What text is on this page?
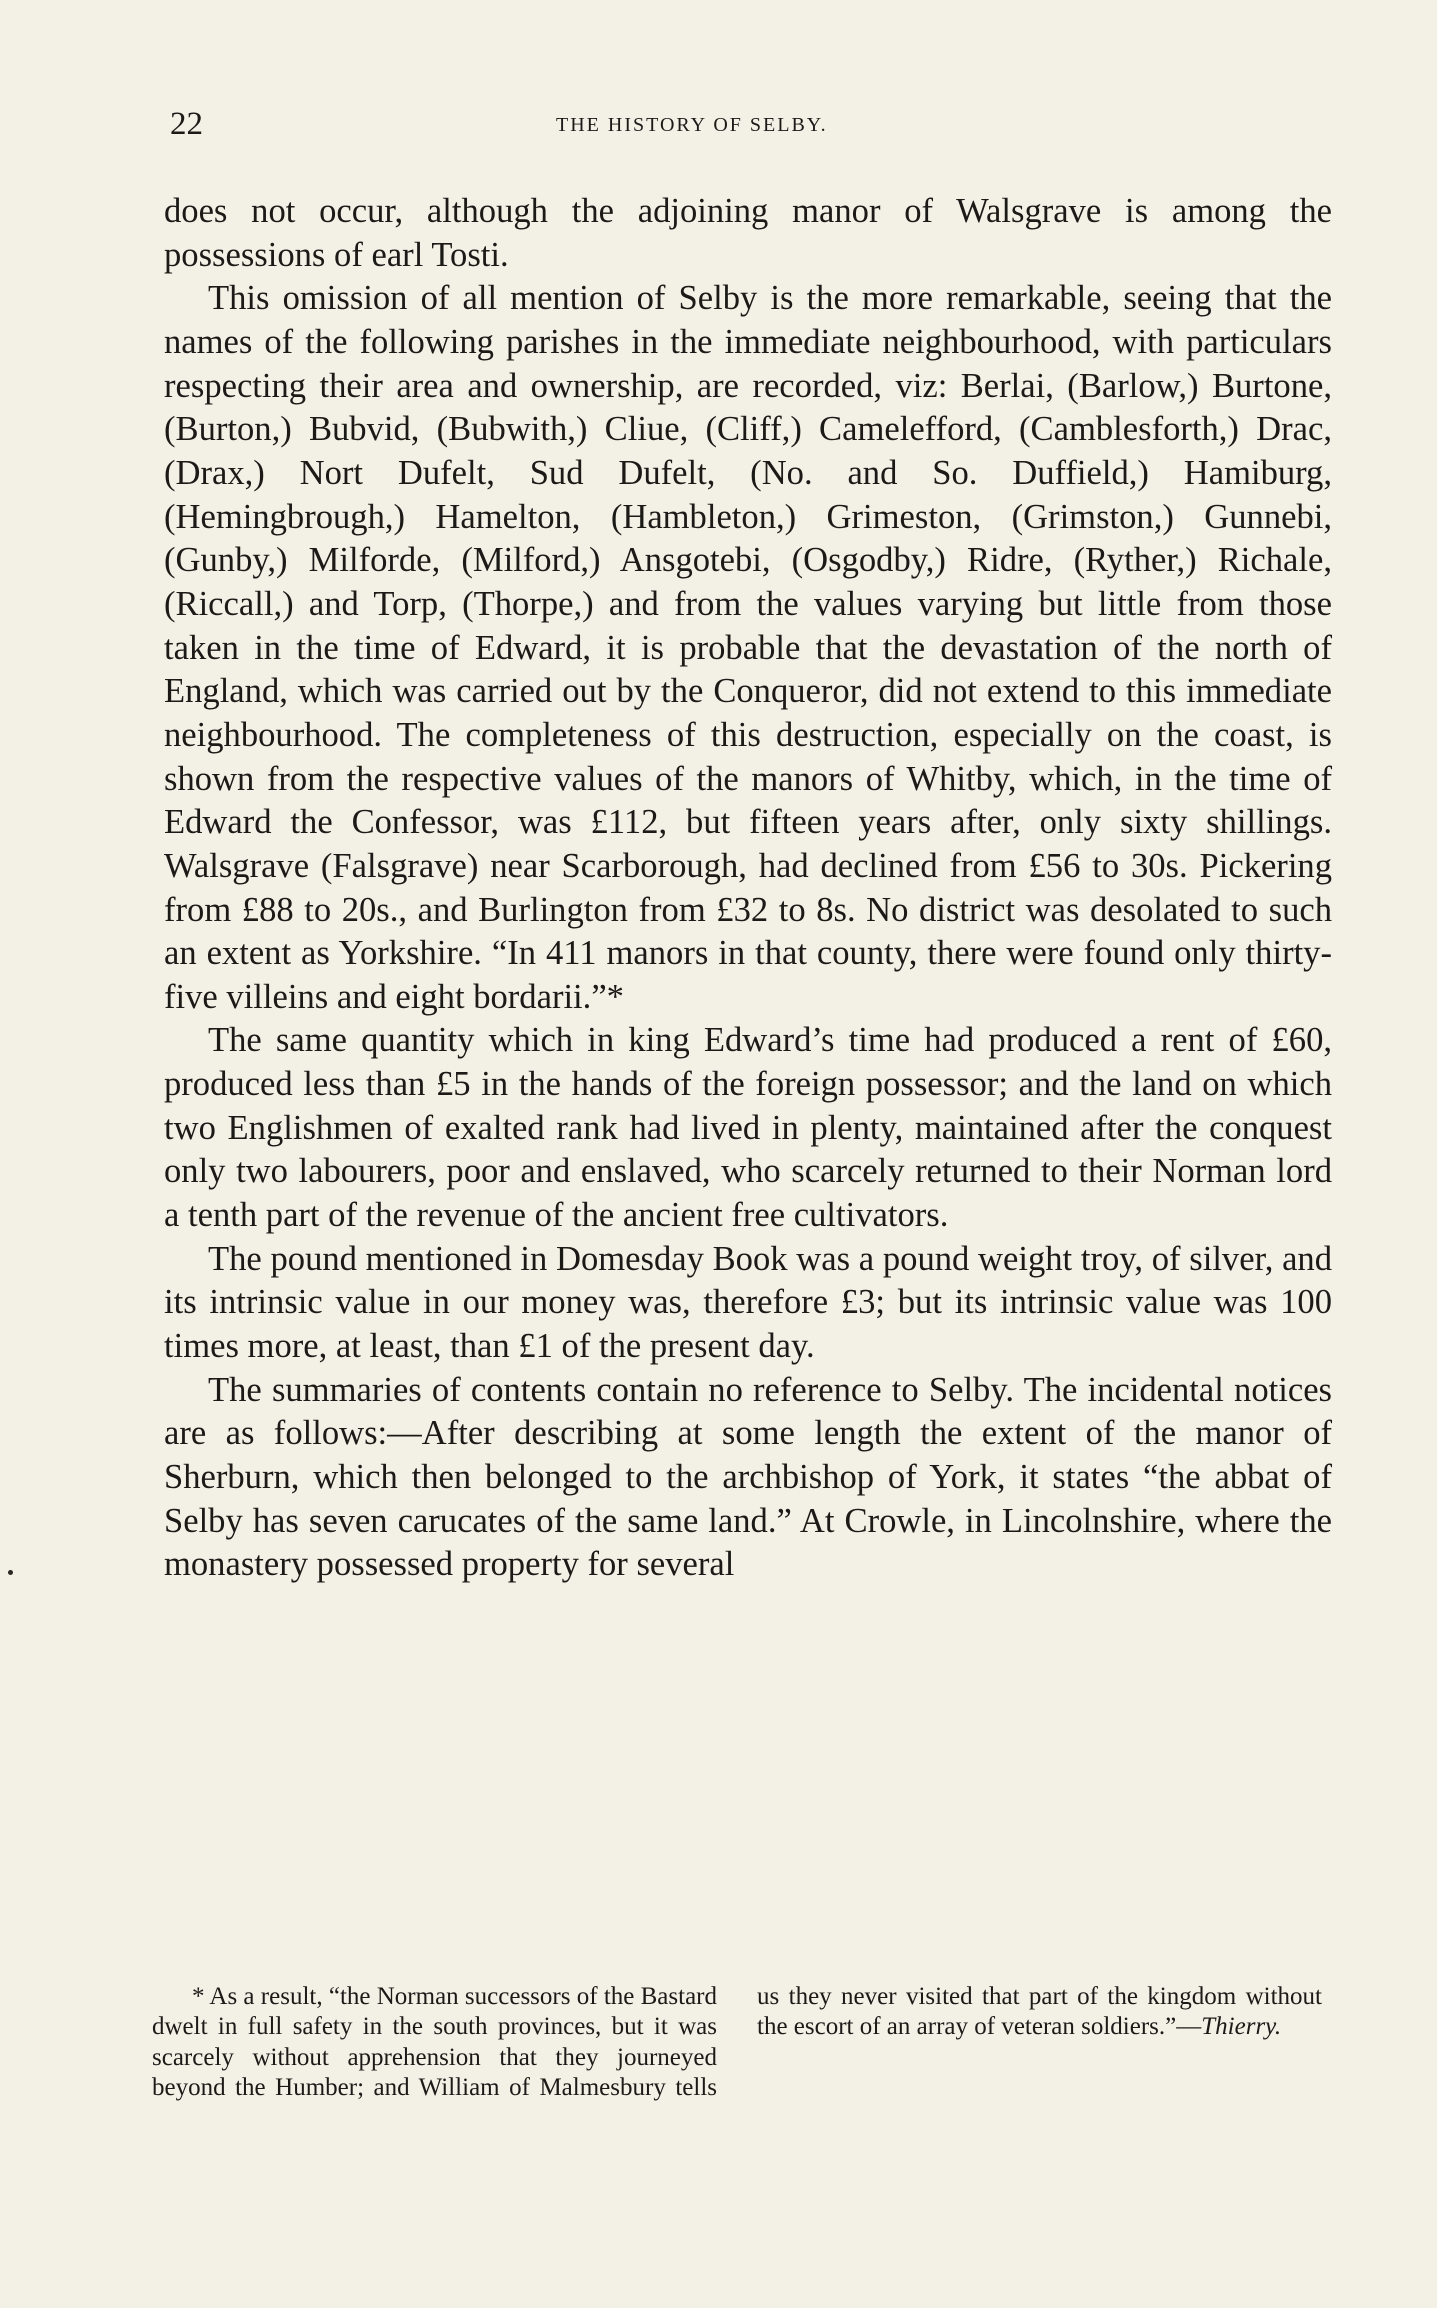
22	THE HISTORY OF SELBY.

does not occur, although the adjoining manor of Walsgrave is among the possessions of earl Tosti.

This omission of all mention of Selby is the more remarkable, seeing that the names of the following parishes in the immediate neighbourhood, with particulars respecting their area and ownership, are recorded, viz: Berlai, (Barlow,) Burtone, (Burton,) Bubvid, (Bubwith,) Cliue, (Cliff,) Camelefford, (Camblesforth,) Drac, (Drax,) Nort Dufelt, Sud Dufelt, (No. and So. Duffield,) Hamiburg, (Hemingbrough,) Hamelton, (Hambleton,) Grimeston, (Grimston,) Gunnebi, (Gunby,) Milforde, (Milford,) Ansgotebi, (Osgodby,) Ridre, (Ryther,) Richale, (Riccall,) and Torp, (Thorpe,) and from the values varying but little from those taken in the time of Edward, it is probable that the devastation of the north of England, which was carried out by the Conqueror, did not extend to this immediate neighbourhood. The completeness of this destruction, especially on the coast, is shown from the respective values of the manors of Whitby, which, in the time of Edward the Confessor, was £112, but fifteen years after, only sixty shillings. Walsgrave (Falsgrave) near Scarborough, had declined from £56 to 30s. Pickering from £88 to 20s., and Burlington from £32 to 8s. No district was desolated to such an extent as Yorkshire. “In 411 manors in that county, there were found only thirty-five villeins and eight bordarii.”*

The same quantity which in king Edward’s time had produced a rent of £60, produced less than £5 in the hands of the foreign possessor; and the land on which two Englishmen of exalted rank had lived in plenty, maintained after the conquest only two labourers, poor and enslaved, who scarcely returned to their Norman lord a tenth part of the revenue of the ancient free cultivators.

The pound mentioned in Domesday Book was a pound weight troy, of silver, and its intrinsic value in our money was, therefore £3; but its intrinsic value was 100 times more, at least, than £1 of the present day.

The summaries of contents contain no reference to Selby. The incidental notices are as follows:—After describing at some length the extent of the manor of Sherburn, which then belonged to the archbishop of York, it states “the abbat of Selby has seven carucates of the same land.” At Crowle, in Lincolnshire, where the monastery possessed property for several

* As a result, “the Norman successors of the Bastard dwelt in full safety in the south provinces, but it was scarcely without apprehension that they journeyed beyond the Humber; and William of Malmesbury tells us they never visited that part of the kingdom without the escort of an array of veteran soldiers.”—Thierry.
